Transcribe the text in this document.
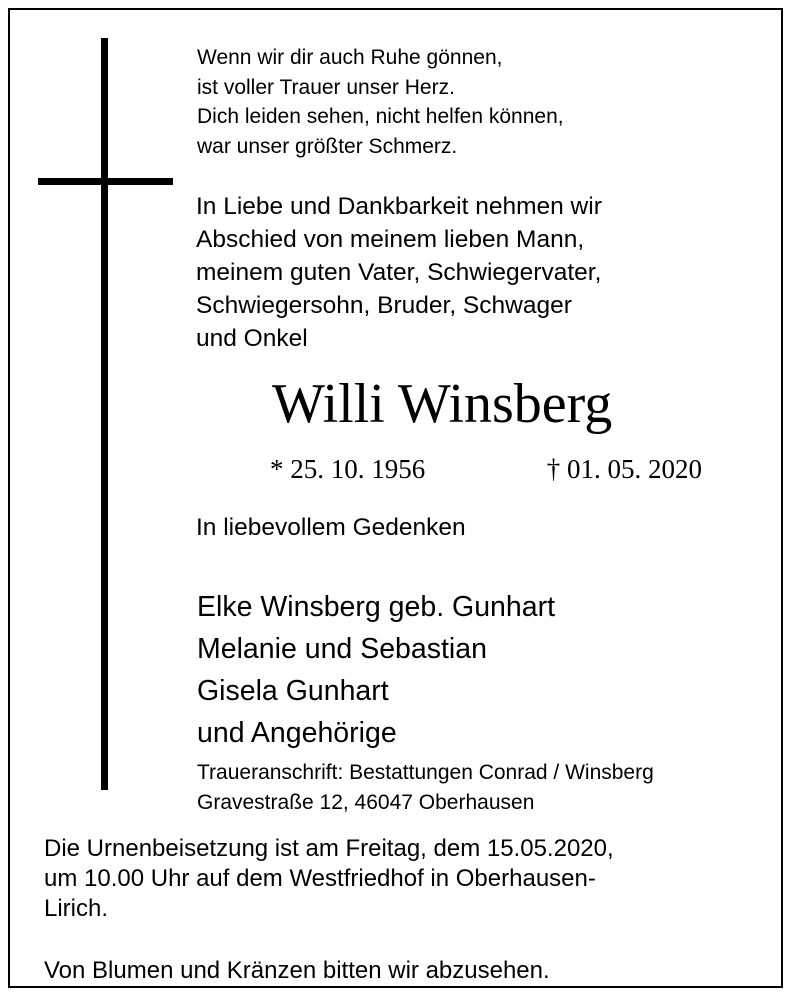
Wenn wir dir auch Ruhe gönnen,
ist voller Trauer unser Herz.
Dich leiden sehen, nicht helfen können,
war unser größter Schmerz.
In Liebe und Dankbarkeit nehmen wir
Abschied von meinem lieben Mann,
meinem guten Vater, Schwiegervater,
Schwiegersohn, Bruder, Schwager
und Onkel
Willi Winsberg
* 25. 10. 1956	† 01. 05. 2020
In liebevollem Gedenken
Elke Winsberg geb. Gunhart
Melanie und Sebastian
Gisela Gunhart
und Angehörige
Traueranschrift: Bestattungen Conrad / Winsberg
Gravestraße 12, 46047 Oberhausen
Die Urnenbeisetzung ist am Freitag, dem 15.05.2020,
um 10.00 Uhr auf dem Westfriedhof in Oberhausen-
Lirich.
Von Blumen und Kränzen bitten wir abzusehen.
